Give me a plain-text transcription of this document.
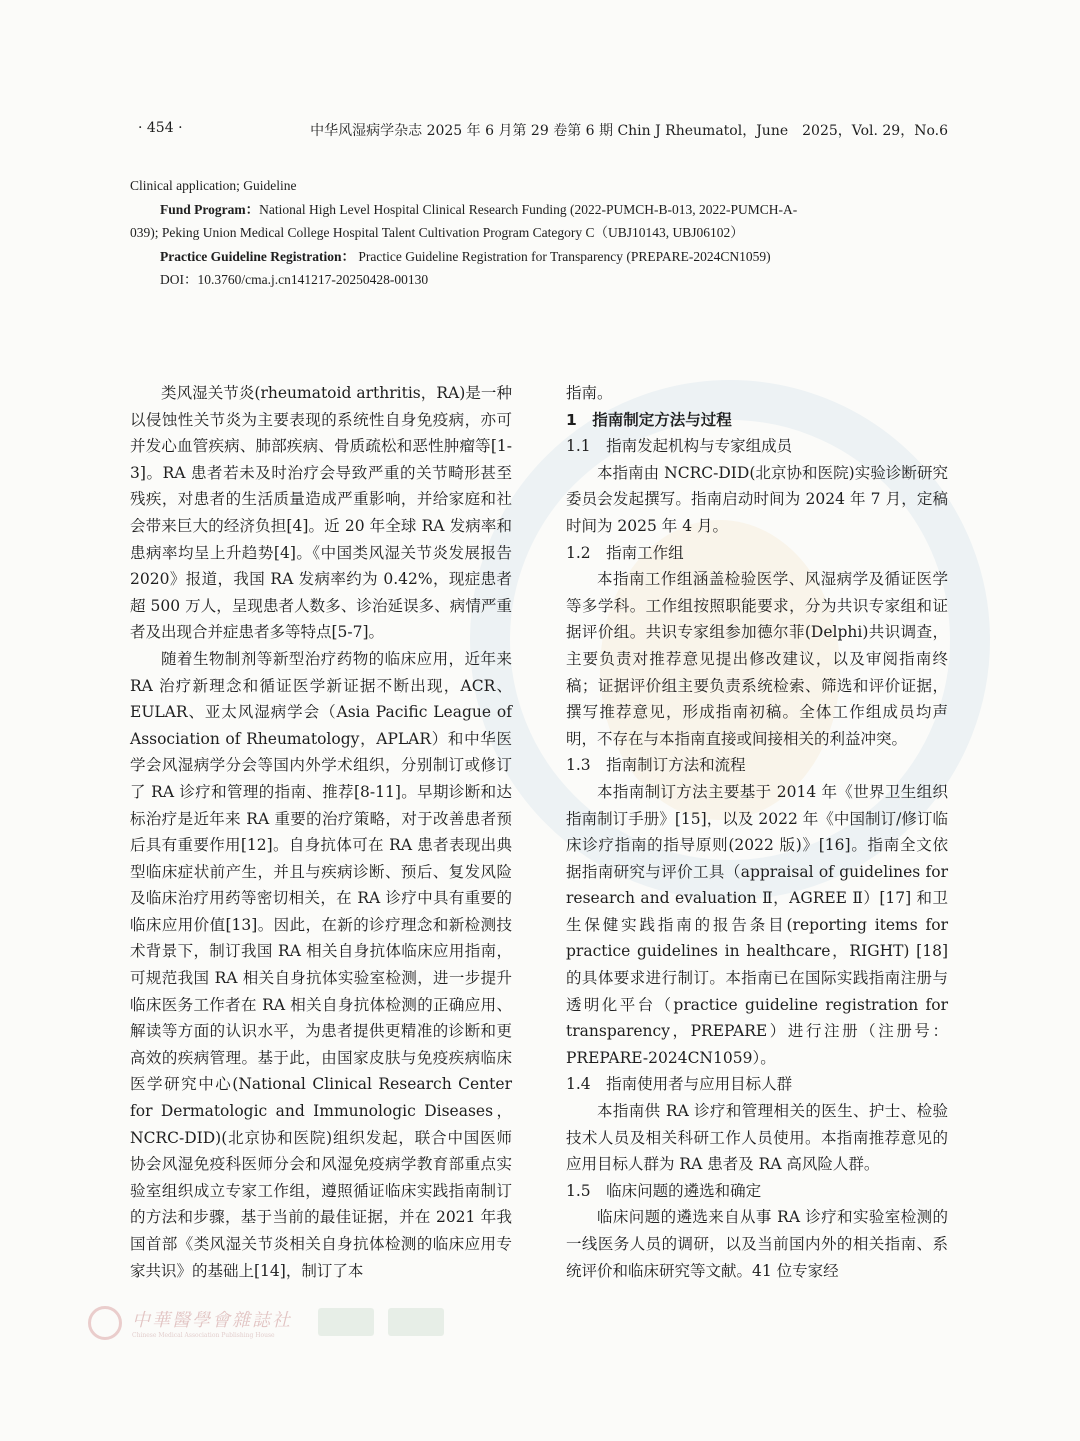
· 454 ·	中华风湿病学杂志 2025 年 6 月第 29 卷第 6 期 Chin J Rheumatol，June　2025，Vol. 29，No.6

Clinical application; Guideline

Fund Program：National High Level Hospital Clinical Research Funding (2022-PUMCH-B-013, 2022-PUMCH-A-039); Peking Union Medical College Hospital Talent Cultivation Program Category C（UBJ10143, UBJ06102）

Practice Guideline Registration： Practice Guideline Registration for Transparency (PREPARE-2024CN1059)

DOI：10.3760/cma.j.cn141217-20250428-00130

类风湿关节炎(rheumatoid arthritis，RA)是一种以侵蚀性关节炎为主要表现的系统性自身免疫病，亦可并发心血管疾病、肺部疾病、骨质疏松和恶性肿瘤等[1-3]。RA 患者若未及时治疗会导致严重的关节畸形甚至残疾，对患者的生活质量造成严重影响，并给家庭和社会带来巨大的经济负担[4]。近 20 年全球 RA 发病率和患病率均呈上升趋势[4]。《中国类风湿关节炎发展报告 2020》报道，我国 RA 发病率约为 0.42%，现症患者超 500 万人，呈现患者人数多、诊治延误多、病情严重者及出现合并症患者多等特点[5-7]。

随着生物制剂等新型治疗药物的临床应用，近年来 RA 治疗新理念和循证医学新证据不断出现，ACR、EULAR、亚太风湿病学会（Asia Pacific League of Association of Rheumatology，APLAR）和中华医学会风湿病学分会等国内外学术组织，分别制订或修订了 RA 诊疗和管理的指南、推荐[8-11]。早期诊断和达标治疗是近年来 RA 重要的治疗策略，对于改善患者预后具有重要作用[12]。自身抗体可在 RA 患者表现出典型临床症状前产生，并且与疾病诊断、预后、复发风险及临床治疗用药等密切相关，在 RA 诊疗中具有重要的临床应用价值[13]。因此，在新的诊疗理念和新检测技术背景下，制订我国 RA 相关自身抗体临床应用指南，可规范我国 RA 相关自身抗体实验室检测，进一步提升临床医务工作者在 RA 相关自身抗体检测的正确应用、解读等方面的认识水平，为患者提供更精准的诊断和更高效的疾病管理。基于此，由国家皮肤与免疫疾病临床医学研究中心(National Clinical Research Center for Dermatologic and Immunologic Diseases，NCRC-DID)(北京协和医院)组织发起，联合中国医师协会风湿免疫科医师分会和风湿免疫病学教育部重点实验室组织成立专家工作组，遵照循证临床实践指南制订的方法和步骤，基于当前的最佳证据，并在 2021 年我国首部《类风湿关节炎相关自身抗体检测的临床应用专家共识》的基础上[14]，制订了本

指南。

1　指南制定方法与过程

1.1　指南发起机构与专家组成员

本指南由 NCRC-DID(北京协和医院)实验诊断研究委员会发起撰写。指南启动时间为 2024 年 7 月，定稿时间为 2025 年 4 月。

1.2　指南工作组

本指南工作组涵盖检验医学、风湿病学及循证医学等多学科。工作组按照职能要求，分为共识专家组和证据评价组。共识专家组参加德尔菲(Delphi)共识调查，主要负责对推荐意见提出修改建议，以及审阅指南终稿；证据评价组主要负责系统检索、筛选和评价证据，撰写推荐意见，形成指南初稿。全体工作组成员均声明，不存在与本指南直接或间接相关的利益冲突。

1.3　指南制订方法和流程

本指南制订方法主要基于 2014 年《世界卫生组织指南制订手册》[15]，以及 2022 年《中国制订/修订临床诊疗指南的指导原则(2022 版)》[16]。指南全文依据指南研究与评价工具（appraisal of guidelines for research and evaluation Ⅱ，AGREE Ⅱ）[17] 和卫生保健实践指南的报告条目(reporting items for practice guidelines in healthcare，RIGHT) [18]的具体要求进行制订。本指南已在国际实践指南注册与透明化平台（practice guideline registration for transparency，PREPARE）进行注册（注册号：PREPARE-2024CN1059）。

1.4　指南使用者与应用目标人群

本指南供 RA 诊疗和管理相关的医生、护士、检验技术人员及相关科研工作人员使用。本指南推荐意见的应用目标人群为 RA 患者及 RA 高风险人群。

1.5　临床问题的遴选和确定

临床问题的遴选来自从事 RA 诊疗和实验室检测的一线医务人员的调研，以及当前国内外的相关指南、系统评价和临床研究等文献。41 位专家经

中華醫學會雜誌社
Chinese Medical Association Publishing House
